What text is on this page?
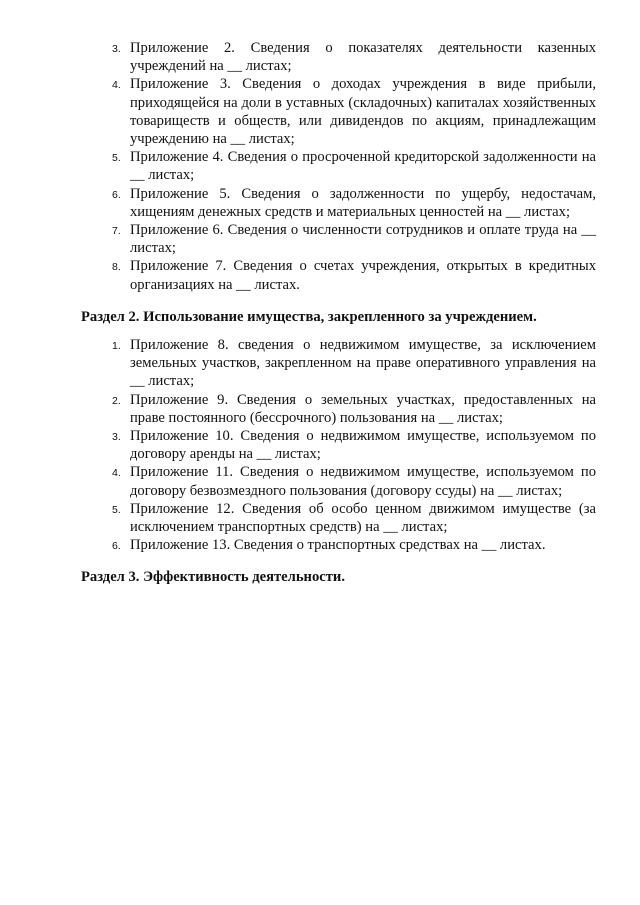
3. Приложение 2. Сведения о показателях деятельности казенных учреждений на __ листах;
4. Приложение 3. Сведения о доходах учреждения в виде прибыли, приходящейся на доли в уставных (складочных) капиталах хозяйственных товариществ и обществ, или дивидендов по акциям, принадлежащим учреждению на __ листах;
5. Приложение 4. Сведения о просроченной кредиторской задолженности на __ листах;
6. Приложение 5. Сведения о задолженности по ущербу, недостачам, хищениям денежных средств и материальных ценностей на __ листах;
7. Приложение 6. Сведения о численности сотрудников и оплате труда на __ листах;
8. Приложение 7. Сведения о счетах учреждения, открытых в кредитных организациях на __ листах.
Раздел 2. Использование имущества, закрепленного за учреждением.
1. Приложение 8. сведения о недвижимом имуществе, за исключением земельных участков, закрепленном на праве оперативного управления на __ листах;
2. Приложение 9. Сведения о земельных участках, предоставленных на праве постоянного (бессрочного) пользования на __ листах;
3. Приложение 10. Сведения о недвижимом имуществе, используемом по договору аренды на __ листах;
4. Приложение 11. Сведения о недвижимом имуществе, используемом по договору безвозмездного пользования (договору ссуды) на __ листах;
5. Приложение 12. Сведения об особо ценном движимом имуществе (за исключением транспортных средств) на __ листах;
6. Приложение 13. Сведения о транспортных средствах на __ листах.
Раздел 3. Эффективность деятельности.
